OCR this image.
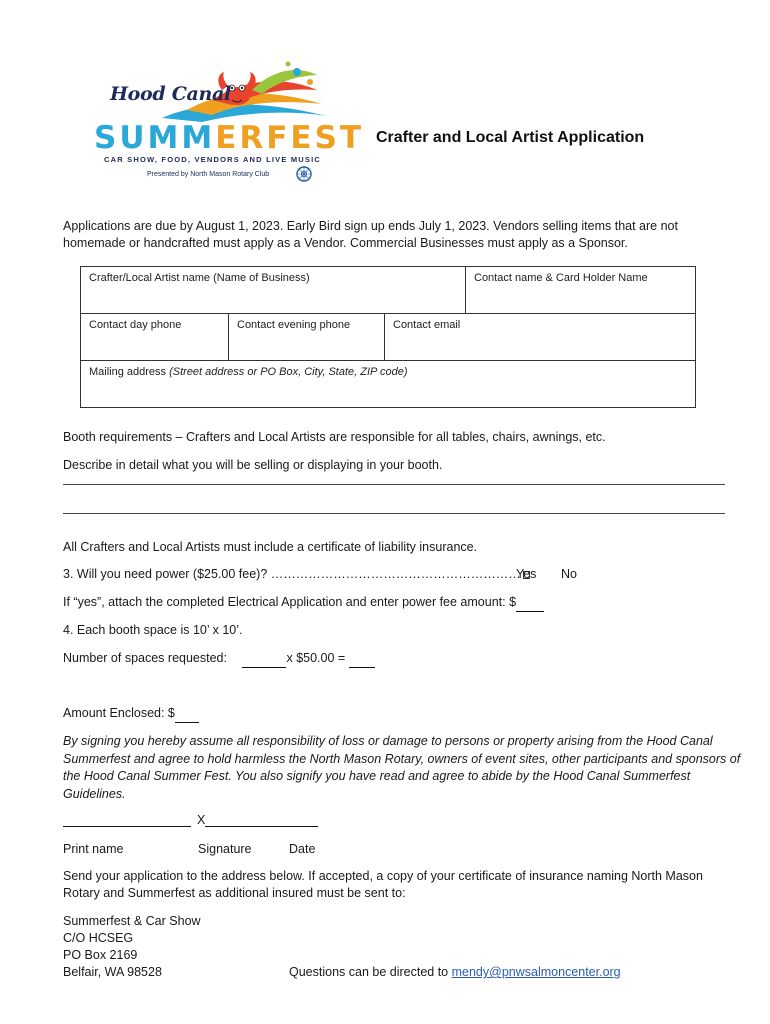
Hood Canal
SUMMERFEST
CAR SHOW, FOOD, VENDORS AND LIVE MUSIC
Presented by North Mason Rotary Club
Crafter and Local Artist Application
Applications are due by August 1, 2023. Early Bird sign up ends July 1, 2023. Vendors selling items that are not
homemade or handcrafted must apply as a Vendor. Commercial Businesses must apply as a Sponsor.
Crafter/Local Artist name (Name of Business)			Contact name & Card Holder Name
Contact day phone	Contact evening phone	Contact email	
Mailing address (Street address or PO Box, City, State, ZIP code)			
Booth requirements – Crafters and Local Artists are responsible for all tables, chairs, awnings, etc.
Describe in detail what you will be selling or displaying in your booth.
All Crafters and Local Artists must include a certificate of liability insurance.
3. Will you need power ($25.00 fee)? ……………………………………………………
Yes No
If “yes”, attach the completed Electrical Application and enter power fee amount: $
4. Each booth space is 10’ x 10’.
Number of spaces requested:	x $50.00 =
Amount Enclosed: $
By signing you hereby assume all responsibility of loss or damage to persons or property arising from the Hood Canal Summerfest and agree to hold harmless the North Mason Rotary, owners of event sites, other participants and sponsors of the Hood Canal Summer Fest. You also signify you have read and agree to abide by the Hood Canal Summerfest Guidelines.
X
Print name	Signature	Date
Send your application to the address below. If accepted, a copy of your certificate of insurance naming North Mason
Rotary and Summerfest as additional insured must be sent to:
Summerfest & Car Show
C/O HCSEG
PO Box 2169
Belfair, WA 98528	Questions can be directed to mendy@pnwsalmoncenter.org
